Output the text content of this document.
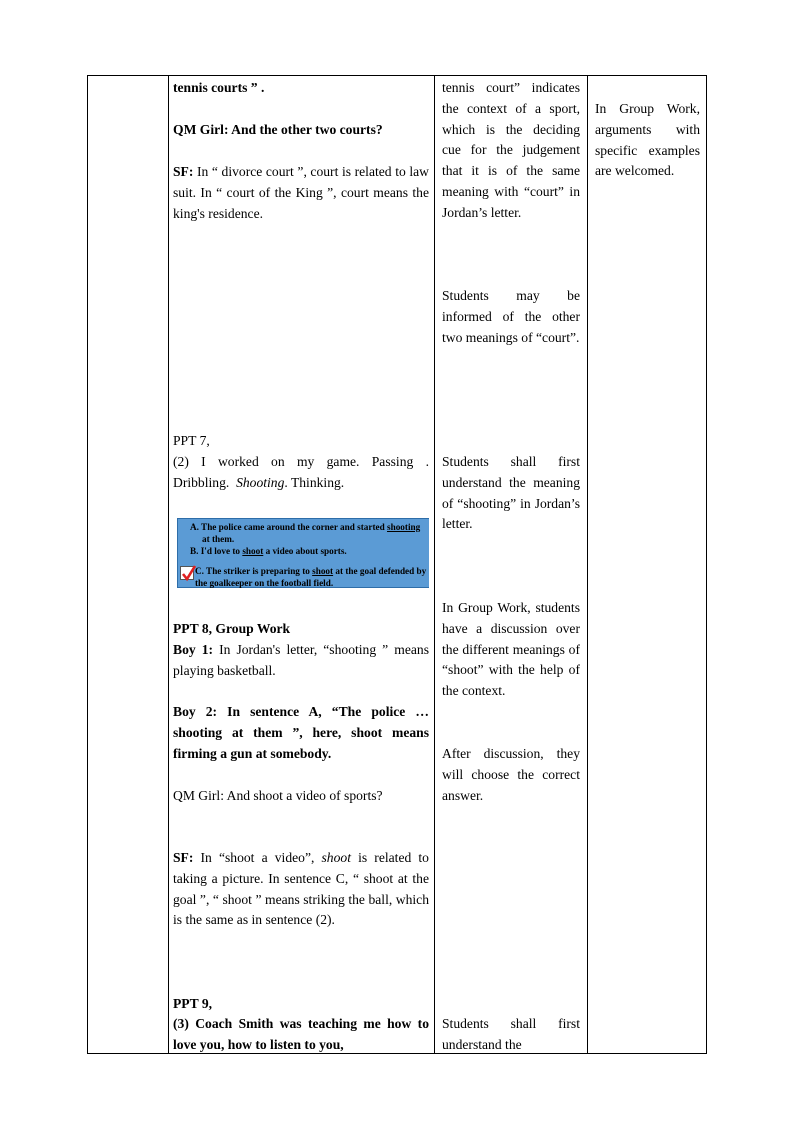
tennis courts ” .

QM Girl: And the other two courts?

SF: In “ divorce court ”, court is related to law suit. In “ court of the King ”, court means the king's residence.

PPT 7,

(2) I worked on my game. Passing . Dribbling. Shooting. Thinking.

A. The police came around the corner and started shooting
at them.
B. I'd love to shoot a video about sports.
C. The striker is preparing to shoot at the goal defended by the goalkeeper on the football field.

PPT 8, Group Work

Boy 1: In Jordan's letter, “shooting ” means playing basketball.

Boy 2: In sentence A, “The police … shooting at them ”, here, shoot means firming a gun at somebody.

QM Girl: And shoot a video of sports?

SF: In “shoot a video”, shoot is related to taking a picture. In sentence C, “ shoot at the goal ”, “ shoot ” means striking the ball, which is the same as in sentence (2).

PPT 9,

(3) Coach Smith was teaching me how to love you, how to listen to you,

tennis court” indicates the context of a sport, which is the deciding cue for the judgement that it is of the same meaning with “court” in Jordan’s letter.

Students may be informed of the other two meanings of “court”.

Students shall first understand the meaning of “shooting” in Jordan’s letter.

In Group Work, students have a discussion over the different meanings of “shoot” with the help of the context.

After discussion, they will choose the correct answer.

Students shall first understand the

In Group Work, arguments with specific examples are welcomed.
